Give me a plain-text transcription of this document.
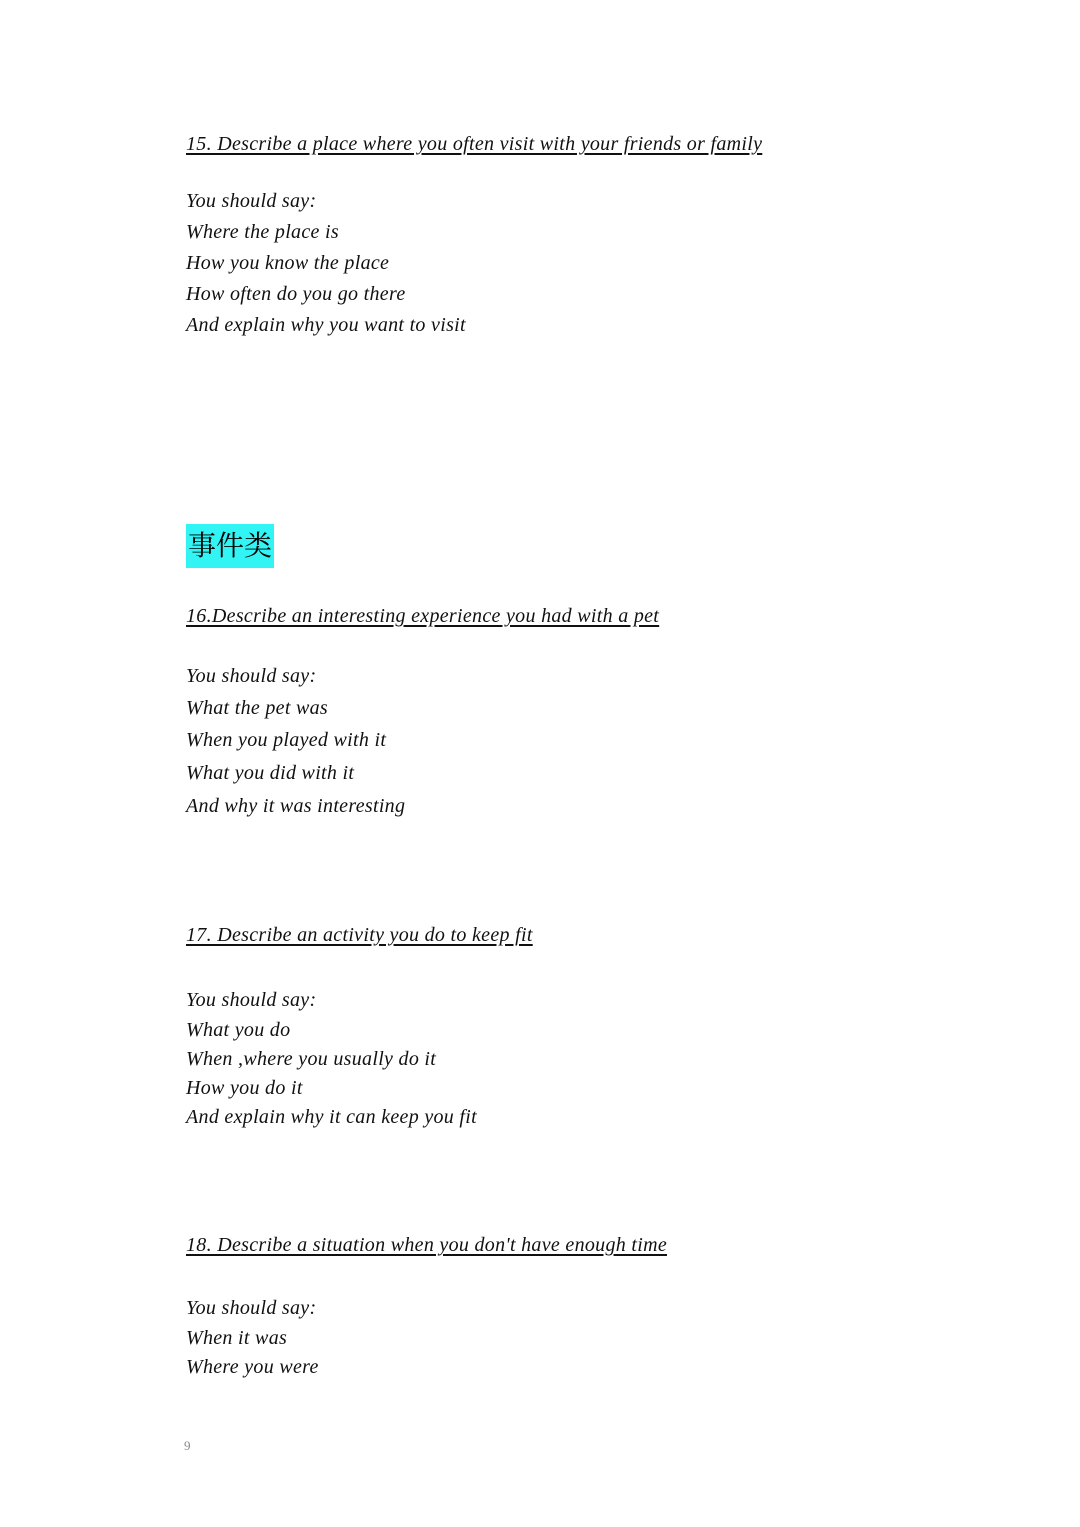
15. Describe a place where you often visit with your friends or family
You should say:
Where the place is
How you know the place
How often do you go there
And explain why you want to visit
事件类
16.Describe an interesting experience you had with a pet
You should say:
What the pet was
When you played with it
What you did with it
And why it was interesting
17. Describe an activity you do to keep fit
You should say:
What you do
When ,where you usually do it
How you do it
And explain why it can keep you fit
18. Describe a situation when you don't have enough time
You should say:
When it was
Where you were
9
